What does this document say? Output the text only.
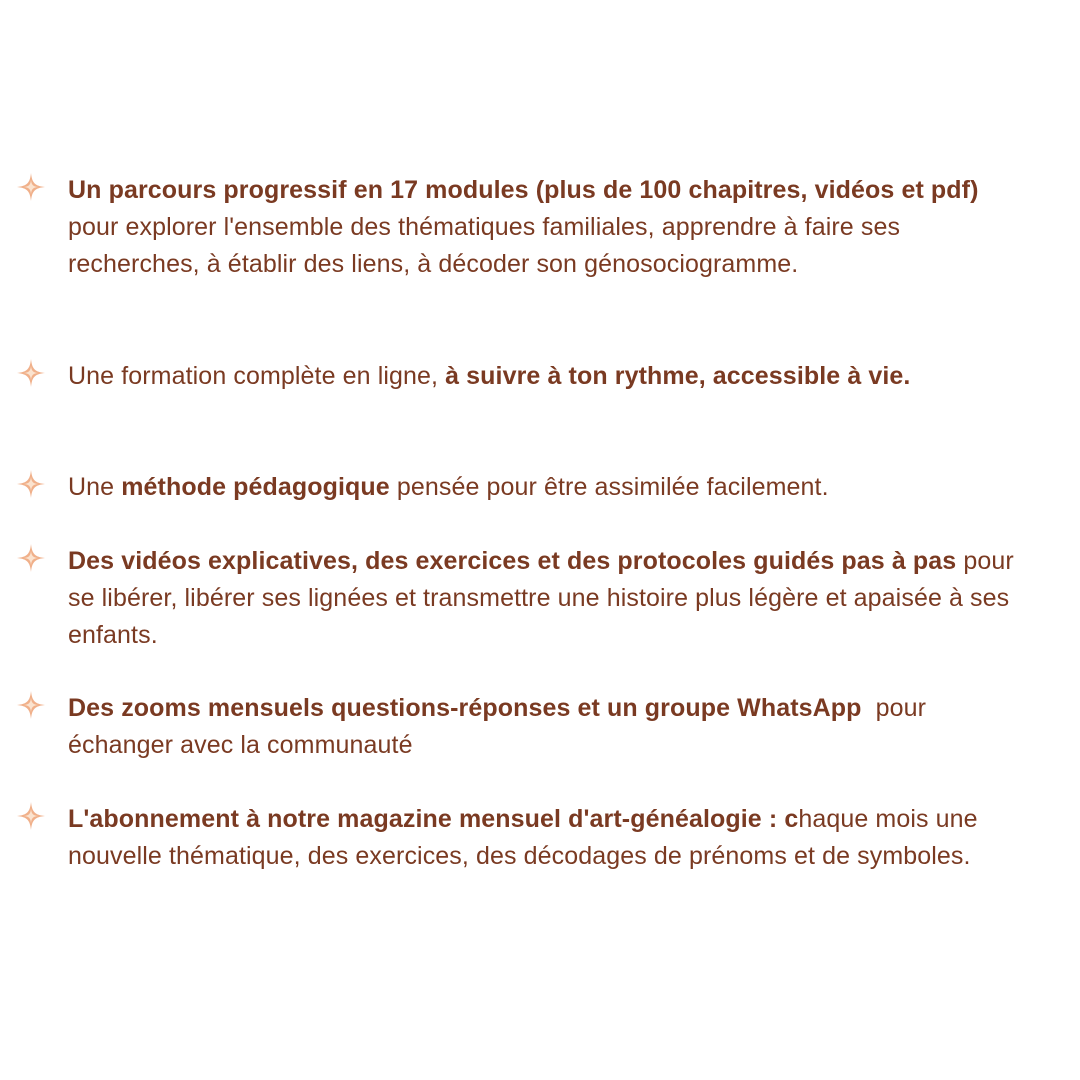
Un parcours progressif en 17 modules (plus de 100 chapitres, vidéos et pdf) pour explorer l'ensemble des thématiques familiales, apprendre à faire ses recherches, à établir des liens, à décoder son génosociogramme.
Une formation complète en ligne, à suivre à ton rythme, accessible à vie.
Une méthode pédagogique pensée pour être assimilée facilement.
Des vidéos explicatives, des exercices et des protocoles guidés pas à pas pour se libérer, libérer ses lignées et transmettre une histoire plus légère et apaisée à ses enfants.
Des zooms mensuels questions-réponses et un groupe WhatsApp  pour échanger avec la communauté
L'abonnement à notre magazine mensuel d'art-généalogie : chaque mois une nouvelle thématique, des exercices, des décodages de prénoms et de symboles.
